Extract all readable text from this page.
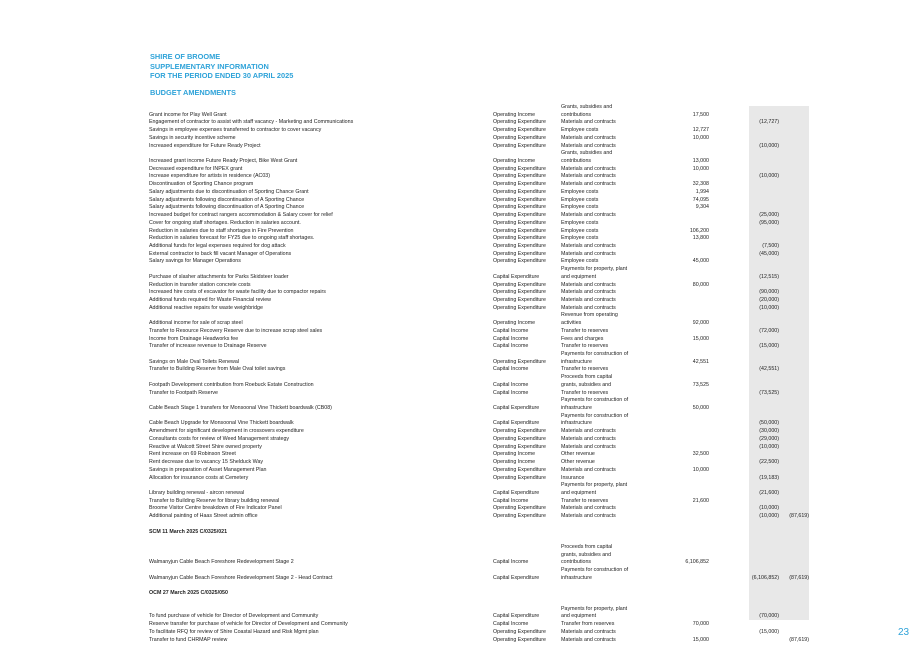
SHIRE OF BROOME
SUPPLEMENTARY INFORMATION
FOR THE PERIOD ENDED 30 APRIL 2025
BUDGET AMENDMENTS
Grants, subsidies and
Grant income for Play Well Grant	Operating Income	contributions	17,500
Engagement of contractor to assist with staff vacancy - Marketing and Communications	Operating Expenditure	Materials and contracts	(12,727)
Savings in employee expenses transferred to contractor to cover vacancy	Operating Expenditure	Employee costs	12,727
Savings in security incentive scheme	Operating Expenditure	Materials and contracts	10,000
Increased expenditure for Future Ready Project	Operating Expenditure	Materials and contracts	(10,000)
Grants, subsidies and
Increased grant income Future Ready Project, Bike West Grant	Operating Income	contributions	13,000
Decreased expenditure for INPEX grant	Operating Expenditure	Materials and contracts	10,000
Increase expenditure for artists in residence (AC03)	Operating Expenditure	Materials and contracts	(10,000)
Discontinuation of Sporting Chance program	Operating Expenditure	Materials and contracts	32,308
Salary adjustments due to discontinuation of Sporting Chance Grant	Operating Expenditure	Employee costs	1,994
Salary adjustments following discontinuation of A Sporting Chance	Operating Expenditure	Employee costs	74,095
Salary adjustments following discontinuation of A Sporting Chance	Operating Expenditure	Employee costs	9,304
Increased budget for contract rangers accommodation & Salary cover for relief	Operating Expenditure	Materials and contracts	(25,000)
Cover for ongoing staff shortages. Reduction in salaries account.	Operating Expenditure	Employee costs	(95,000)
Reduction in salaries due to staff shortages in Fire Prevention	Operating Expenditure	Employee costs	106,200
Reduction in salaries forecast for FY25 due to ongoing staff shortages.	Operating Expenditure	Employee costs	13,800
Additional funds for legal expenses required for dog attack	Operating Expenditure	Materials and contracts	(7,500)
External contractor to back fill vacant Manager of Operations	Operating Expenditure	Materials and contracts	(45,000)
Salary savings for Manager Operations	Operating Expenditure	Employee costs	45,000
Payments for property, plant
Purchase of slasher attachments for Parks Skidsteer loader	Capital Expenditure	and equipment	(12,515)
Reduction in transfer station concrete costs	Operating Expenditure	Materials and contracts	80,000
Increased hire costs of excavator for waste facility due to compactor repairs	Operating Expenditure	Materials and contracts	(90,000)
Additional funds required for Waste Financial review	Operating Expenditure	Materials and contracts	(20,000)
Additional reactive repairs for waste weighbridge	Operating Expenditure	Materials and contracts	(10,000)
Revenue from operating
Additional income for sale of scrap steel	Operating Income	activities	92,000
Transfer to Resource Recovery Reserve due to increase scrap steel sales	Capital Income	Transfer to reserves	(72,000)
Income from Drainage Headworks fee	Capital Income	Fees and charges	15,000
Transfer of increase revenue to Drainage Reserve	Capital Income	Transfer to reserves	(15,000)
Payments for construction of
Savings on Male Oval Toilets Renewal	Operating Expenditure	infrastructure	42,551
Transfer to Building Reserve from Male Oval toilet savings	Capital Income	Transfer to reserves	(42,551)
Proceeds from capital
Footpath Development contribution from Roebuck Estate Construction	Capital Income	grants, subsidies and	73,525
Transfer to Footpath Reserve	Capital Income	Transfer to reserves	(73,525)
Payments for construction of
Cable Beach Stage 1 transfers for Monsoonal Vine Thickett boardwalk (CB08)	Capital Expenditure	infrastructure	50,000
Payments for construction of
Cable Beach Upgrade for Monsoonal Vine Thickett boardwalk	Capital Expenditure	infrastructure	(50,000)
Amendment for significant development in crossovers expenditure	Operating Expenditure	Materials and contracts	(30,000)
Consultants costs for review of Weed Management strategy	Operating Expenditure	Materials and contracts	(29,000)
Reactive at Walcott Street Shire owned property	Operating Expenditure	Materials and contracts	(10,000)
Rent increase on 69 Robinson Street	Operating Income	Other revenue	32,500
Rent decrease due to vacancy 15 Shelduck Way	Operating Income	Other revenue	(22,500)
Savings in preparation of Asset Management Plan	Operating Expenditure	Materials and contracts	10,000
Allocation for insurance costs at Cemetery	Operating Expenditure	Insurance	(19,183)
Payments for property, plant
Library building renewal - aircon renewal	Capital Expenditure	and equipment	(21,600)
Transfer to Building Reserve for library building renewal	Capital Income	Transfer to reserves	21,600
Broome Visitor Centre breakdown of Fire Indicator Panel	Operating Expenditure	Materials and contracts	(10,000)
Additional painting of Haas Street admin office	Operating Expenditure	Materials and contracts	(10,000)	(87,619)
SCM 11 March 2025 C/0325/021
Proceeds from capital
grants, subsidies and
Walmanyjun Cable Beach Foreshore Redevelopment Stage 2	Capital Income	contributions	6,106,852
Payments for construction of
Walmanyjun Cable Beach Foreshore Redevelopment Stage 2 - Head Contract	Capital Expenditure	infrastructure	(6,106,852)	(87,619)
OCM 27 March 2025 C/0325/050
Payments for property, plant
To fund purchase of vehicle for Director of Development and Community	Capital Expenditure	and equipment	(70,000)
Reserve transfer for purchase of vehicle for Director of Development and Community	Capital Income	Transfer from reserves	70,000
To facilitate RFQ for review of Shire Coastal Hazard and Risk Mgmt plan	Operating Expenditure	Materials and contracts	(15,000)
Transfer to fund CHRMAP review	Operating Expenditure	Materials and contracts	15,000	(87,619)
23
